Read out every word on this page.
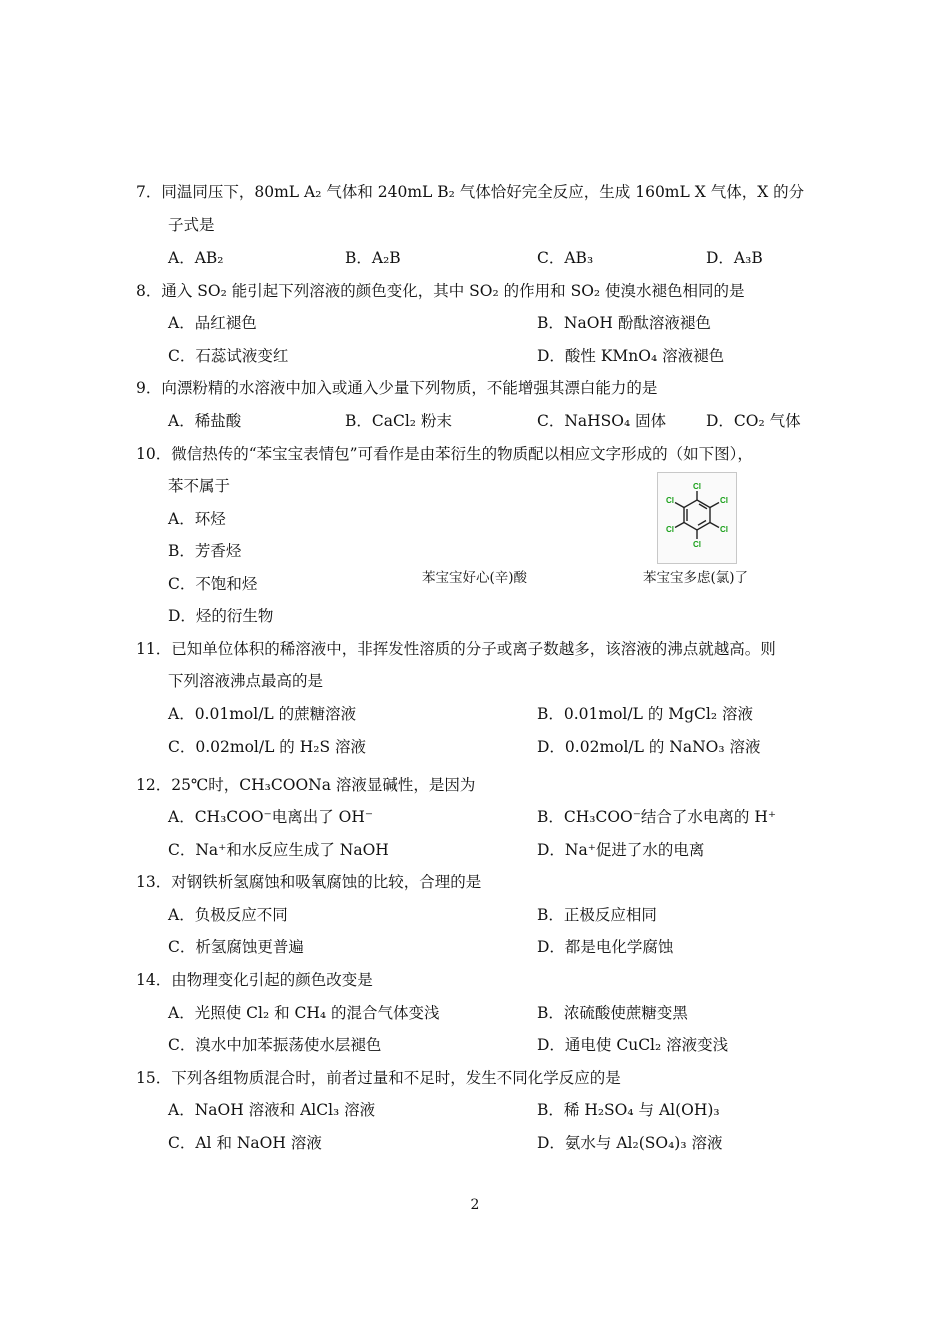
7．同温同压下，80mL A₂ 气体和 240mL B₂ 气体恰好完全反应，生成 160mL X 气体，X 的分
子式是
A．AB₂	B．A₂B	C．AB₃	D．A₃B
8．通入 SO₂ 能引起下列溶液的颜色变化，其中 SO₂ 的作用和 SO₂ 使溴水褪色相同的是
A．品红褪色	B．NaOH 酚酞溶液褪色
C．石蕊试液变红	D．酸性 KMnO₄ 溶液褪色
9．向漂粉精的水溶液中加入或通入少量下列物质，不能增强其漂白能力的是
A．稀盐酸	B．CaCl₂ 粉末	C．NaHSO₄ 固体	D．CO₂ 气体
10．微信热传的“苯宝宝表情包”可看作是由苯衍生的物质配以相应文字形成的（如下图），
苯不属于
A．环烃
B．芳香烃
C．不饱和烃
D．烃的衍生物
Cl
Cl
Cl
Cl
Cl
Cl
苯宝宝好心(辛)酸	苯宝宝多虑(氯)了
11．已知单位体积的稀溶液中，非挥发性溶质的分子或离子数越多，该溶液的沸点就越高。则
下列溶液沸点最高的是
A．0.01mol/L 的蔗糖溶液	B．0.01mol/L 的 MgCl₂ 溶液
C．0.02mol/L 的 H₂S 溶液	D．0.02mol/L 的 NaNO₃ 溶液
12．25℃时，CH₃COONa 溶液显碱性，是因为
A．CH₃COO⁻电离出了 OH⁻	B．CH₃COO⁻结合了水电离的 H⁺
C．Na⁺和水反应生成了 NaOH	D．Na⁺促进了水的电离
13．对钢铁析氢腐蚀和吸氧腐蚀的比较，合理的是
A．负极反应不同	B．正极反应相同
C．析氢腐蚀更普遍	D．都是电化学腐蚀
14．由物理变化引起的颜色改变是
A．光照使 Cl₂ 和 CH₄ 的混合气体变浅	B．浓硫酸使蔗糖变黑
C．溴水中加苯振荡使水层褪色	D．通电使 CuCl₂ 溶液变浅
15．下列各组物质混合时，前者过量和不足时，发生不同化学反应的是
A．NaOH 溶液和 AlCl₃ 溶液	B．稀 H₂SO₄ 与 Al(OH)₃
C．Al 和 NaOH 溶液	D．氨水与 Al₂(SO₄)₃ 溶液
2
